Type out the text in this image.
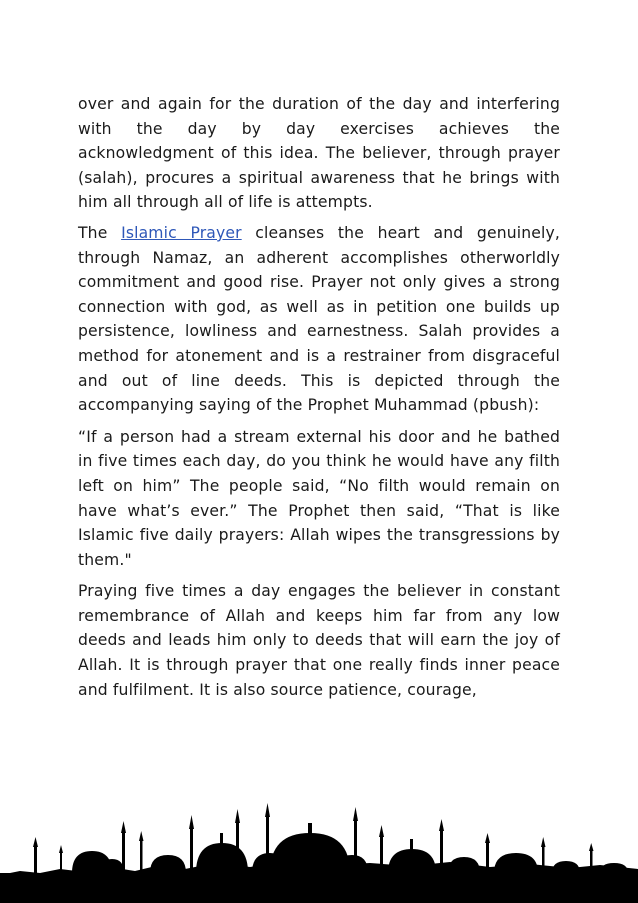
over and again for the duration of the day and interfering with the day by day exercises achieves the acknowledgment of this idea. The believer, through prayer (salah), procures a spiritual awareness that he brings with him all through all of life is attempts.

The Islamic Prayer cleanses the heart and genuinely, through Namaz, an adherent accomplishes otherworldly commitment and good rise. Prayer not only gives a strong connection with god, as well as in petition one builds up persistence, lowliness and earnestness. Salah provides a method for atonement and is a restrainer from disgraceful and out of line deeds. This is depicted through the accompanying saying of the Prophet Muhammad (pbush):

“If a person had a stream external his door and he bathed in five times each day, do you think he would have any filth left on him” The people said, “No filth would remain on have what’s ever.” The Prophet then said, “That is like Islamic five daily prayers: Allah wipes the transgressions by them."

Praying five times a day engages the believer in constant remembrance of Allah and keeps him far from any low deeds and leads him only to deeds that will earn the joy of Allah. It is through prayer that one really finds inner peace and fulfilment. It is also source patience, courage,
